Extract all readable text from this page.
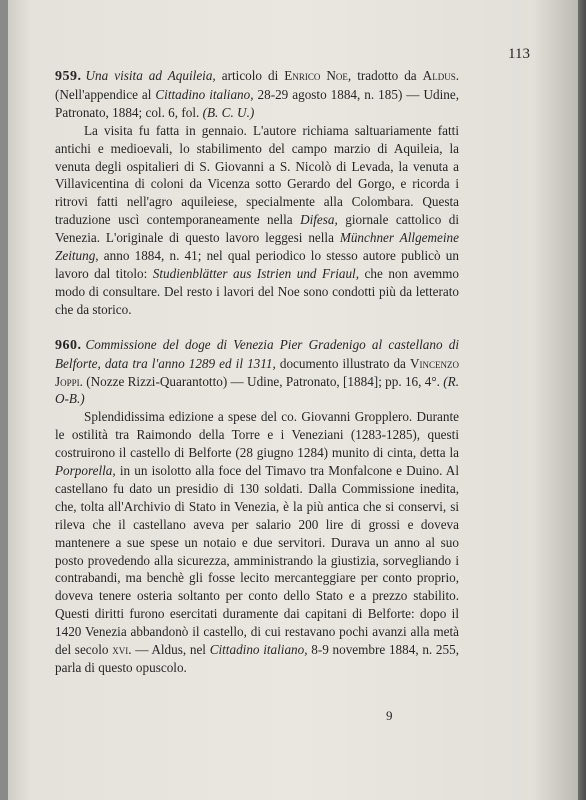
113

959. Una visita ad Aquileia, articolo di Enrico Noe, tradotto da Aldus. (Nell'appendice al Cittadino italiano, 28-29 agosto 1884, n. 185) — Udine, Patronato, 1884; col. 6, fol. (B. C. U.)

La visita fu fatta in gennaio. L'autore richiama saltuariamente fatti antichi e medioevali, lo stabilimento del campo marzio di Aquileia, la venuta degli ospitalieri di S. Giovanni a S. Nicolò di Levada, la venuta a Villavicentina di coloni da Vicenza sotto Gerardo del Gorgo, e ricorda i ritrovi fatti nell'agro aquileiese, specialmente alla Colombara. Questa traduzione uscì contemporaneamente nella Difesa, giornale cattolico di Venezia. L'originale di questo lavoro leggesi nella Münchner Allgemeine Zeitung, anno 1884, n. 41; nel qual periodico lo stesso autore publicò un lavoro dal titolo: Studienblätter aus Istrien und Friaul, che non avemmo modo di consultare. Del resto i lavori del Noe sono condotti più da letterato che da storico.

960. Commissione del doge di Venezia Pier Gradenigo al castellano di Belforte, data tra l'anno 1289 ed il 1311, documento illustrato da Vincenzo Joppi. (Nozze Rizzi-Quarantotto) — Udine, Patronato, [1884]; pp. 16, 4°. (R. O-B.)

Splendidissima edizione a spese del co. Giovanni Gropplero. Durante le ostilità tra Raimondo della Torre e i Veneziani (1283-1285), questi costruirono il castello di Belforte (28 giugno 1284) munito di cinta, detta la Porporella, in un isolotto alla foce del Timavo tra Monfalcone e Duino. Al castellano fu dato un presidio di 130 soldati. Dalla Commissione inedita, che, tolta all'Archivio di Stato in Venezia, è la più antica che si conservi, si rileva che il castellano aveva per salario 200 lire di grossi e doveva mantenere a sue spese un notaio e due servitori. Durava un anno al suo posto provedendo alla sicurezza, amministrando la giustizia, sorvegliando i contrabandi, ma benchè gli fosse lecito mercanteggiare per conto proprio, doveva tenere osteria soltanto per conto dello Stato e a prezzo stabilito. Questi diritti furono esercitati duramente dai capitani di Belforte: dopo il 1420 Venezia abbandonò il castello, di cui restavano pochi avanzi alla metà del secolo xvi. — Aldus, nel Cittadino italiano, 8-9 novembre 1884, n. 255, parla di questo opuscolo.

9
